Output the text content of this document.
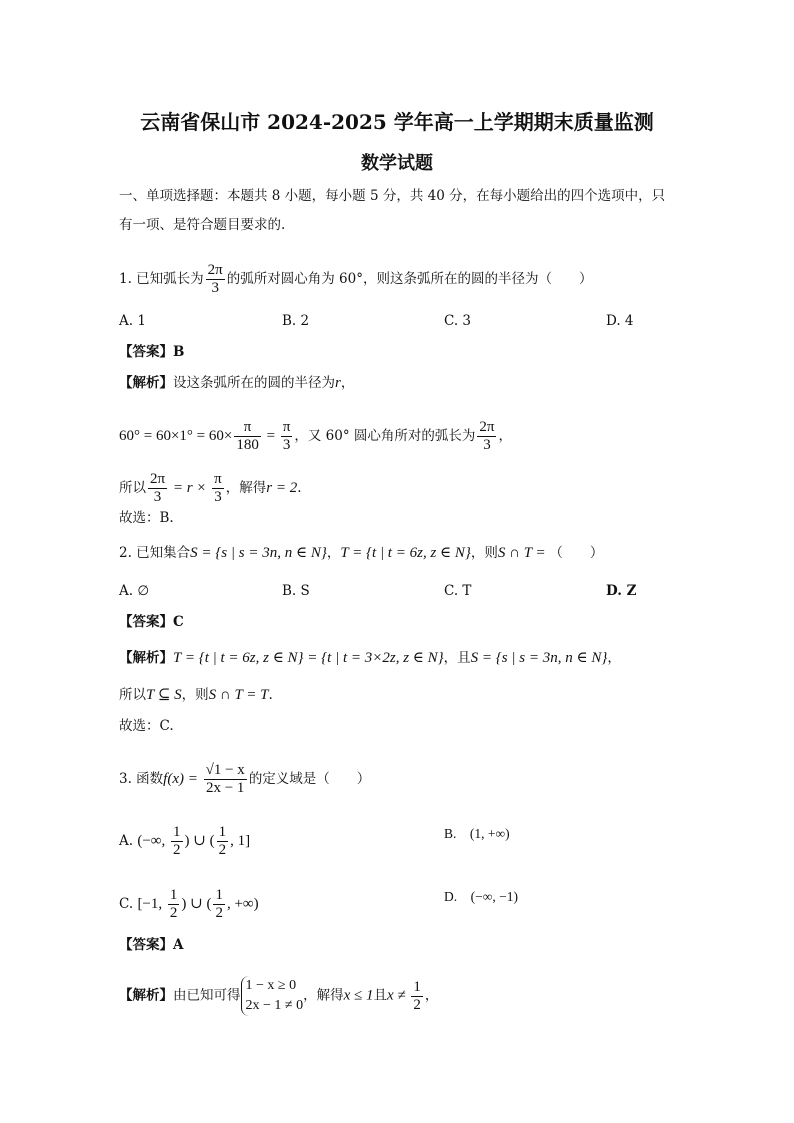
云南省保山市 2024-2025 学年高一上学期期末质量监测
数学试题
一、单项选择题：本题共 8 小题，每小题 5 分，共 40 分，在每小题给出的四个选项中，只
有一项、是符合题目要求的.
1. 已知弧长为 $\frac{2\pi}{3}$ 的弧所对圆心角为 60°，则这条弧所在的圆的半径为（　　）
A. 1	B. 2	C. 3	D. 4
【答案】B
【解析】设这条弧所在的圆的半径为r，
$60^\circ = 60\times 1^\circ = 60\times \frac{\pi}{180} = \frac{\pi}{3}$ ，又 60° 圆心角所对的弧长为 $\frac{2\pi}{3}$ ，
所以 $\frac{2\pi}{3} = r \times \frac{\pi}{3}$ ，解得r = 2.
故选：B.
2. 已知集合S = {s | s = 3n, n ∈ N}，T = {t | t = 6z, z ∈ N}，则S ∩ T = （　　）
A. ∅	B. S	C. T	D. Z
【答案】C
【解析】T = {t | t = 6z, z ∈ N} = {t | t = 3×2z, z ∈ N}，且S = {s | s = 3n, n ∈ N}，
所以T ⊆ S，则S ∩ T = T.
故选：C.
3. 函数$f(x) = \frac{√1 - x}{2x - 1}$ 的定义域是（　　）
A. (−∞, $\frac{1}{2}$ ) ∪ ( $\frac{1}{2}$ , 1]	B.　(1, +∞)
C. [−1, $\frac{1}{2}$ ) ∪ ( $\frac{1}{2}$ , +∞)	D.　(−∞, −1)
【答案】A
【解析】由已知可得
1 − x ≥ 0
2x − 1 ≠ 0
，解得x ≤ 1且$x \ne \frac{1}{2}$ ，
